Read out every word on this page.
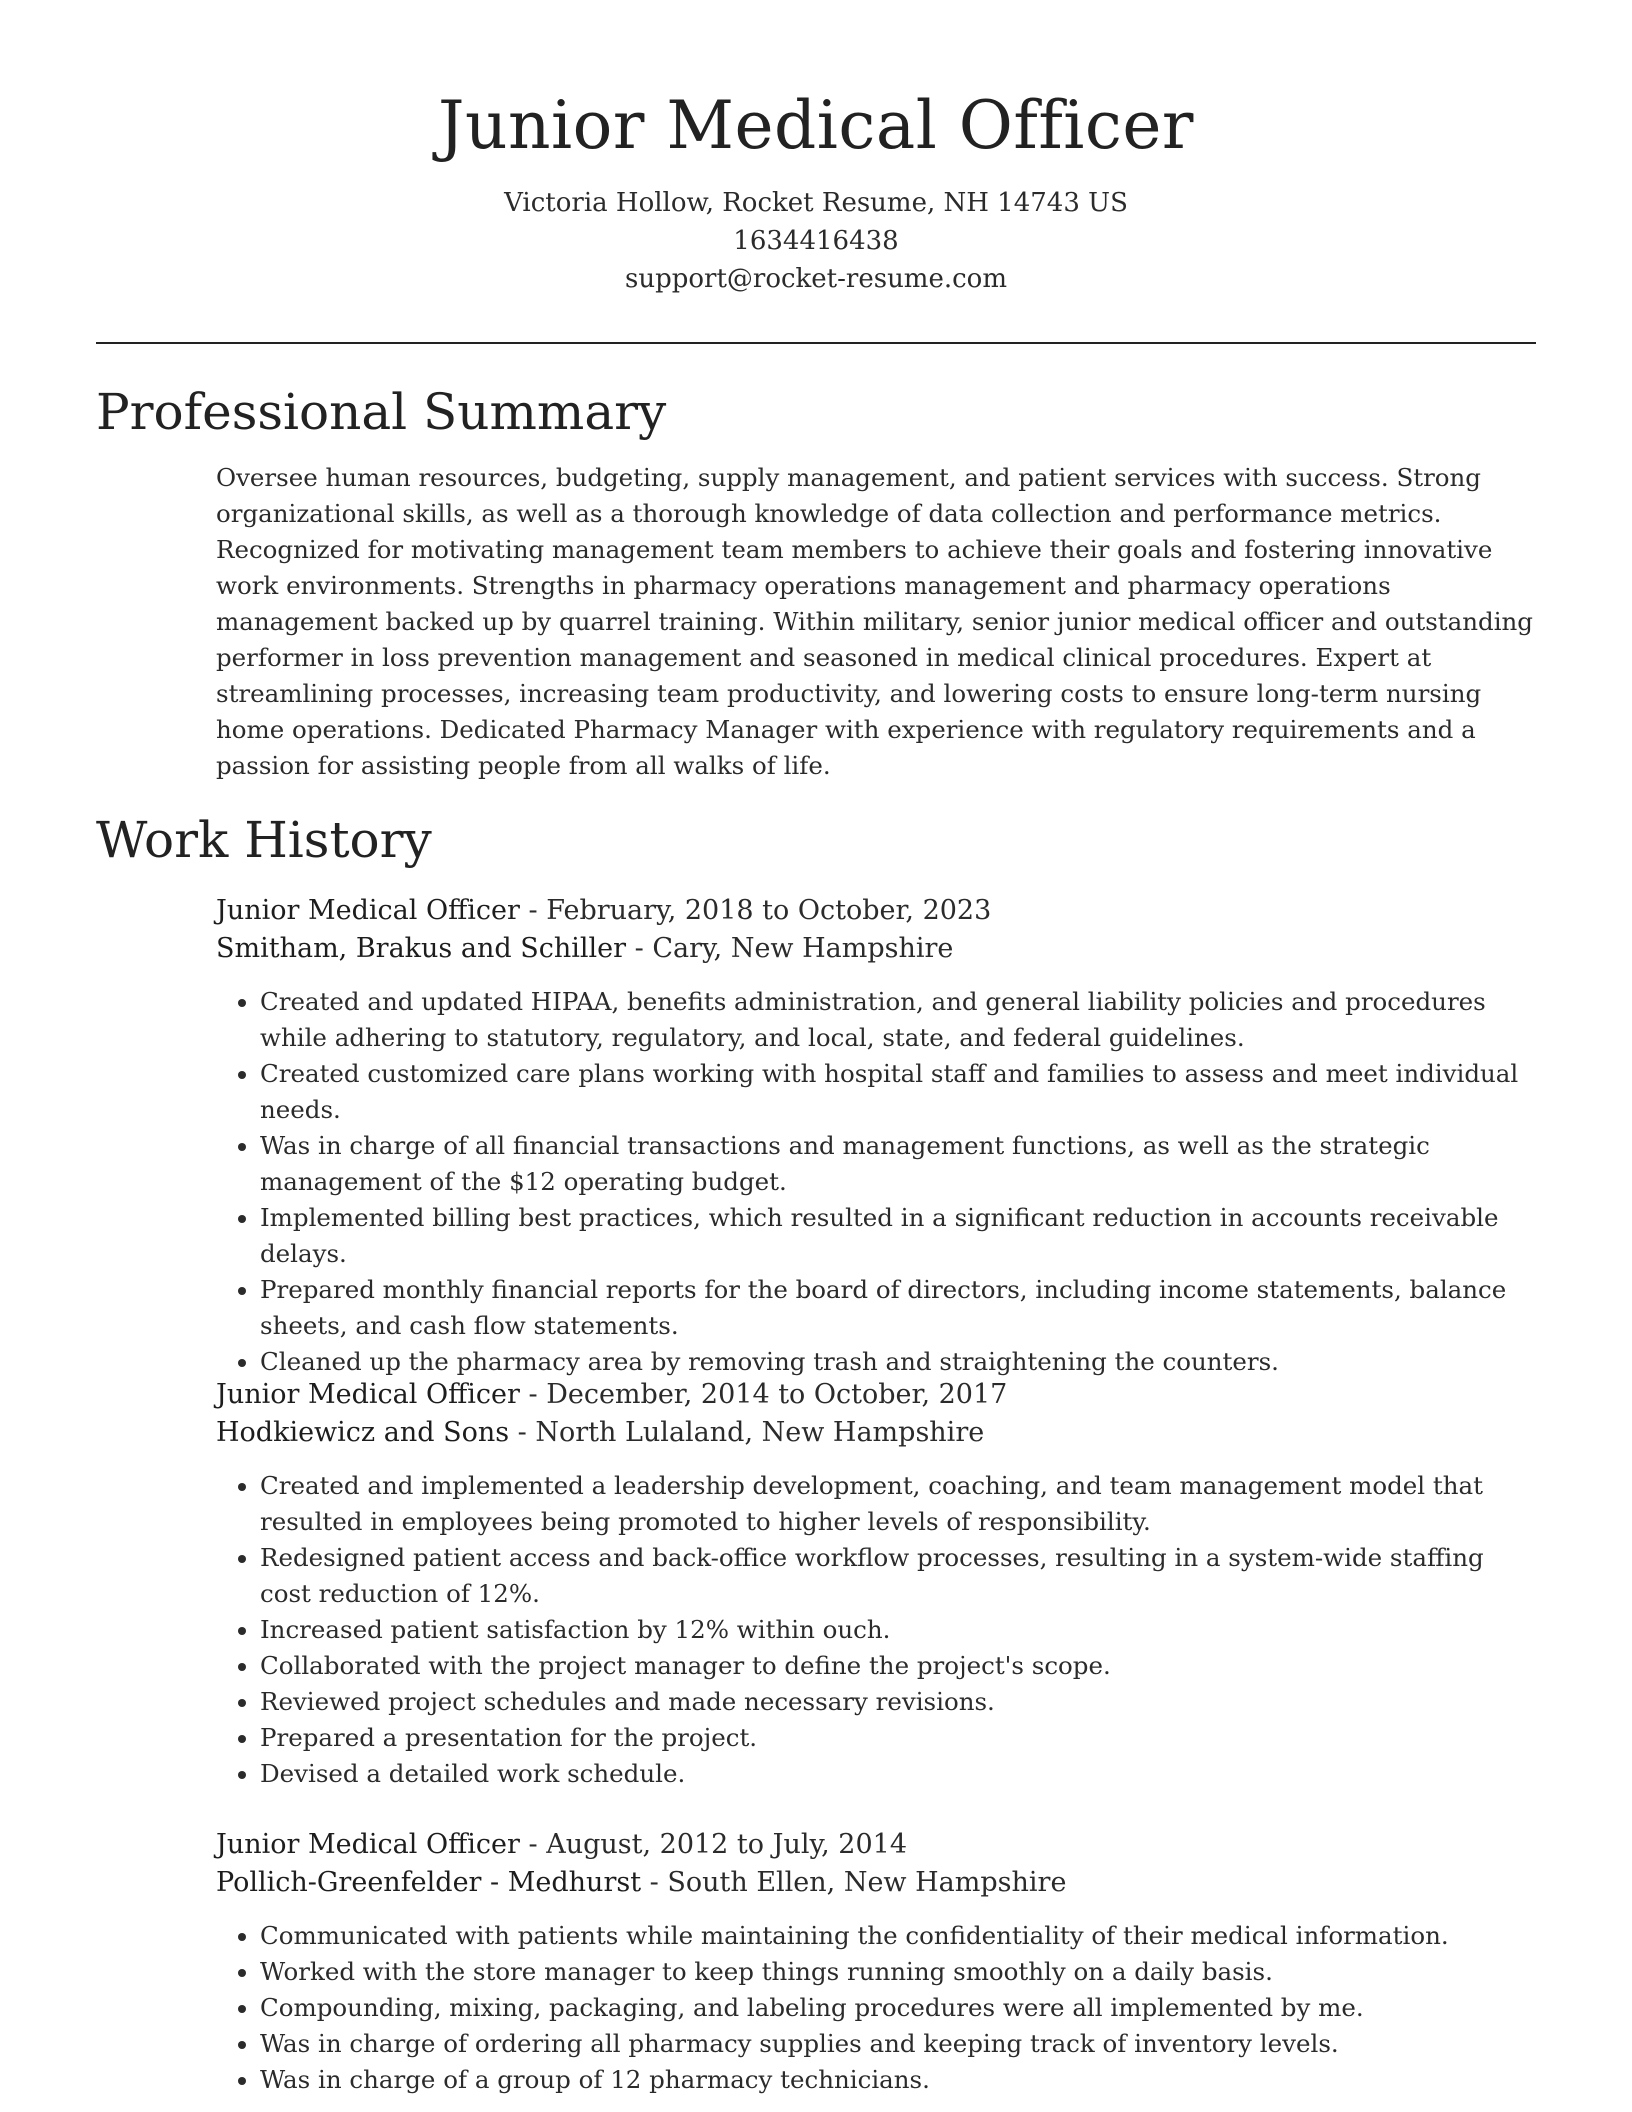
Junior Medical Officer
Victoria Hollow, Rocket Resume, NH 14743 US
1634416438
support@rocket-resume.com
Professional Summary

Oversee human resources, budgeting, supply management, and patient services with success. Strong organizational skills, as well as a thorough knowledge of data collection and performance metrics. Recognized for motivating management team members to achieve their goals and fostering innovative work environments. Strengths in pharmacy operations management and pharmacy operations management backed up by quarrel training. Within military, senior junior medical officer and outstanding performer in loss prevention management and seasoned in medical clinical procedures. Expert at streamlining processes, increasing team productivity, and lowering costs to ensure long-term nursing home operations. Dedicated Pharmacy Manager with experience with regulatory requirements and a passion for assisting people from all walks of life.

Work History
Junior Medical Officer - February, 2018 to October, 2023
Smitham, Brakus and Schiller - Cary, New Hampshire
• Created and updated HIPAA, benefits administration, and general liability policies and procedures while adhering to statutory, regulatory, and local, state, and federal guidelines.
• Created customized care plans working with hospital staff and families to assess and meet individual needs.
• Was in charge of all financial transactions and management functions, as well as the strategic management of the $12 operating budget.
• Implemented billing best practices, which resulted in a significant reduction in accounts receivable delays.
• Prepared monthly financial reports for the board of directors, including income statements, balance sheets, and cash flow statements.
• Cleaned up the pharmacy area by removing trash and straightening the counters.
Junior Medical Officer - December, 2014 to October, 2017
Hodkiewicz and Sons - North Lulaland, New Hampshire
• Created and implemented a leadership development, coaching, and team management model that resulted in employees being promoted to higher levels of responsibility.
• Redesigned patient access and back-office workflow processes, resulting in a system-wide staffing cost reduction of 12%.
• Increased patient satisfaction by 12% within ouch.
• Collaborated with the project manager to define the project's scope.
• Reviewed project schedules and made necessary revisions.
• Prepared a presentation for the project.
• Devised a detailed work schedule.
Junior Medical Officer - August, 2012 to July, 2014
Pollich-Greenfelder - Medhurst - South Ellen, New Hampshire
• Communicated with patients while maintaining the confidentiality of their medical information.
• Worked with the store manager to keep things running smoothly on a daily basis.
• Compounding, mixing, packaging, and labeling procedures were all implemented by me.
• Was in charge of ordering all pharmacy supplies and keeping track of inventory levels.
• Was in charge of a group of 12 pharmacy technicians.
